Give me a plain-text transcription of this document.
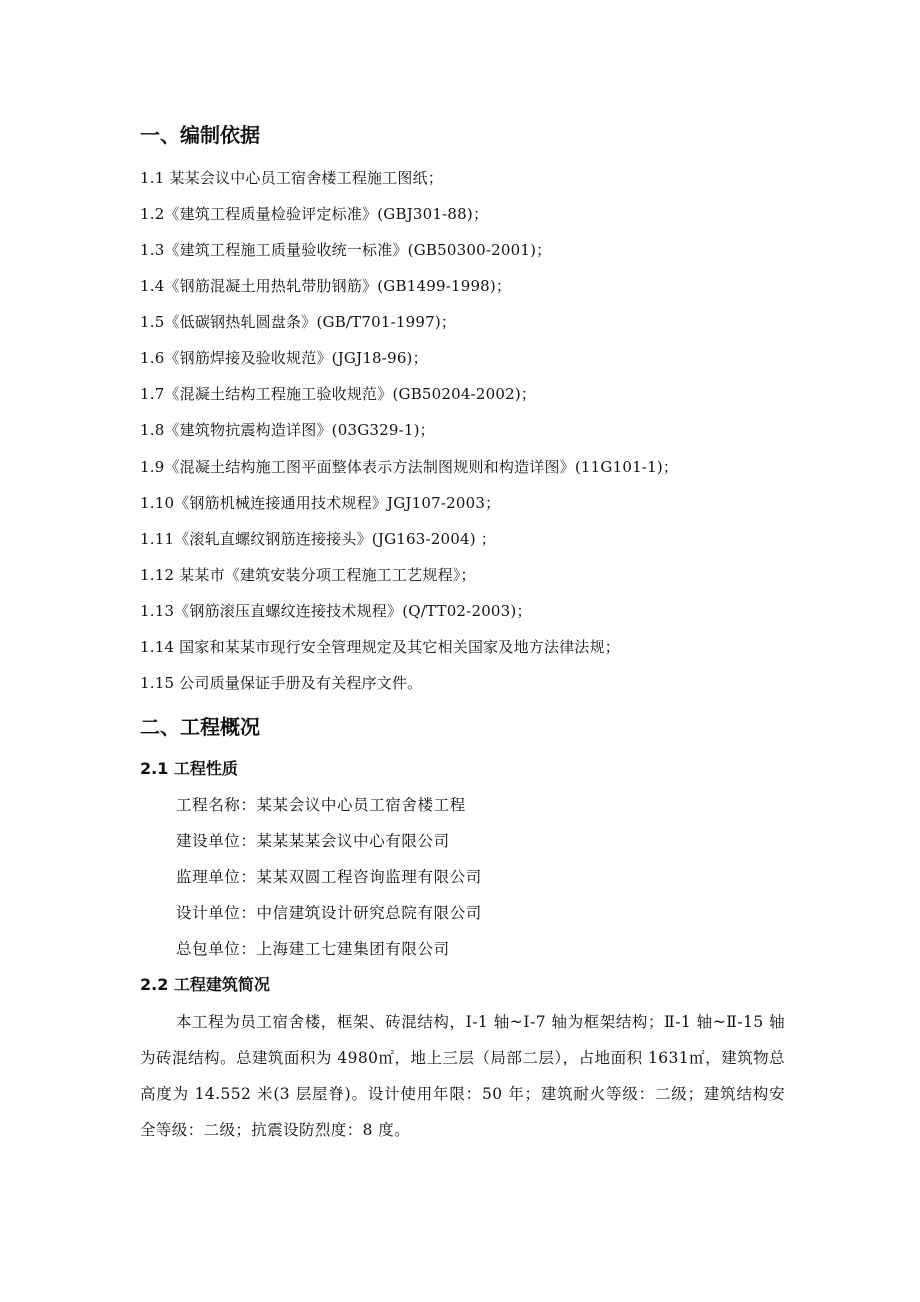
一、编制依据
1.1 某某会议中心员工宿舍楼工程施工图纸；
1.2《建筑工程质量检验评定标准》(GBJ301-88)；
1.3《建筑工程施工质量验收统一标准》(GB50300-2001)；
1.4《钢筋混凝土用热轧带肋钢筋》(GB1499-1998)；
1.5《低碳钢热轧圆盘条》(GB/T701-1997)；
1.6《钢筋焊接及验收规范》(JGJ18-96)；
1.7《混凝土结构工程施工验收规范》(GB50204-2002)；
1.8《建筑物抗震构造详图》(03G329-1)；
1.9《混凝土结构施工图平面整体表示方法制图规则和构造详图》(11G101-1)；
1.10《钢筋机械连接通用技术规程》JGJ107-2003；
1.11《滚轧直螺纹钢筋连接接头》(JG163-2004) ；
1.12 某某市《建筑安装分项工程施工工艺规程》；
1.13《钢筋滚压直螺纹连接技术规程》(Q/TT02-2003)；
1.14 国家和某某市现行安全管理规定及其它相关国家及地方法律法规；
1.15 公司质量保证手册及有关程序文件。
二、工程概况
2.1 工程性质
工程名称：某某会议中心员工宿舍楼工程
建设单位：某某某某会议中心有限公司
监理单位：某某双圆工程咨询监理有限公司
设计单位：中信建筑设计研究总院有限公司
总包单位：上海建工七建集团有限公司
2.2 工程建筑简况
本工程为员工宿舍楼，框架、砖混结构，Ⅰ-1 轴~Ⅰ-7 轴为框架结构；Ⅱ-1 轴~Ⅱ-15 轴为砖混结构。总建筑面积为 4980㎡，地上三层（局部二层），占地面积 1631㎡，建筑物总高度为 14.552 米(3 层屋脊)。设计使用年限：50 年；建筑耐火等级：二级；建筑结构安全等级：二级；抗震设防烈度：8 度。
